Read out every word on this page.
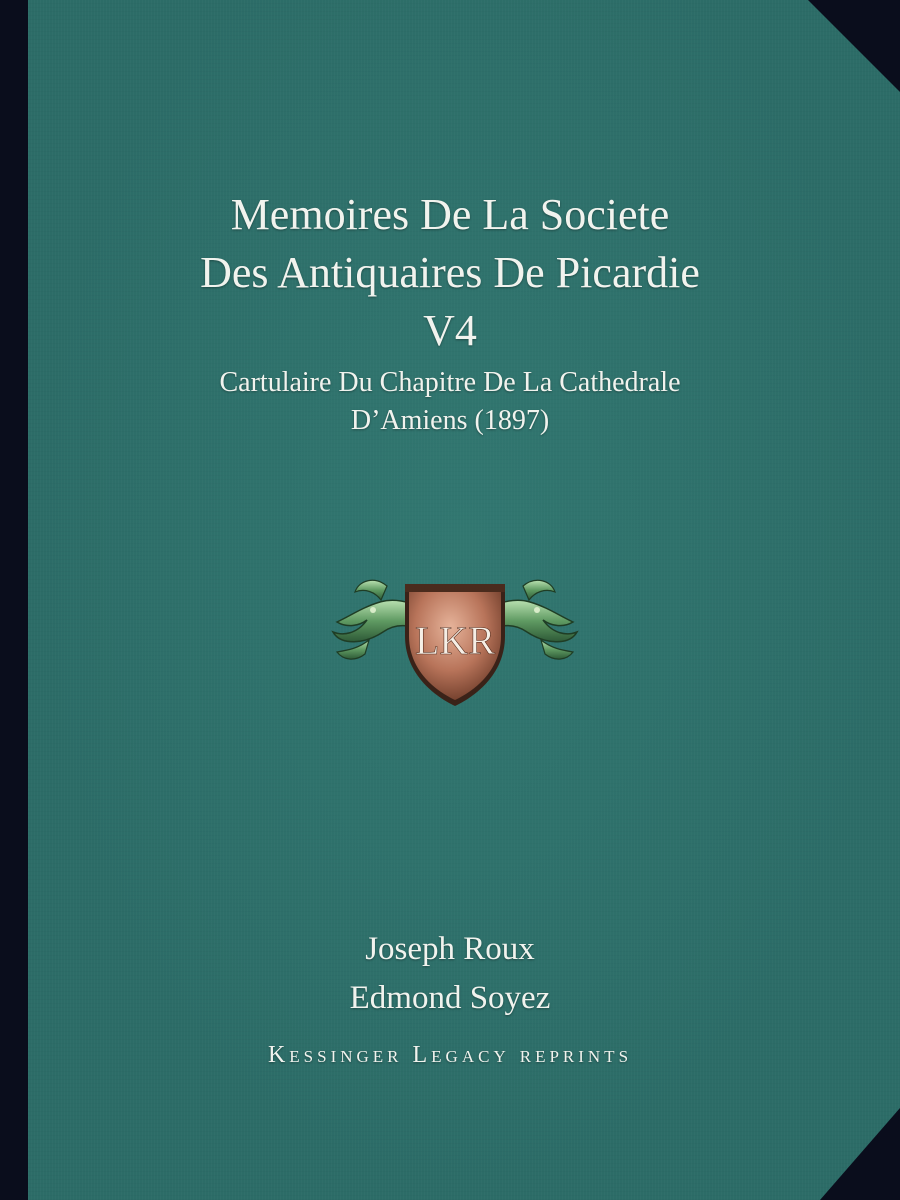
Memoires De La Societe
Des Antiquaires De Picardie
V4
Cartulaire Du Chapitre De La Cathedrale
D’Amiens (1897)
LKR
Joseph Roux
Edmond Soyez
Kessinger Legacy reprints
